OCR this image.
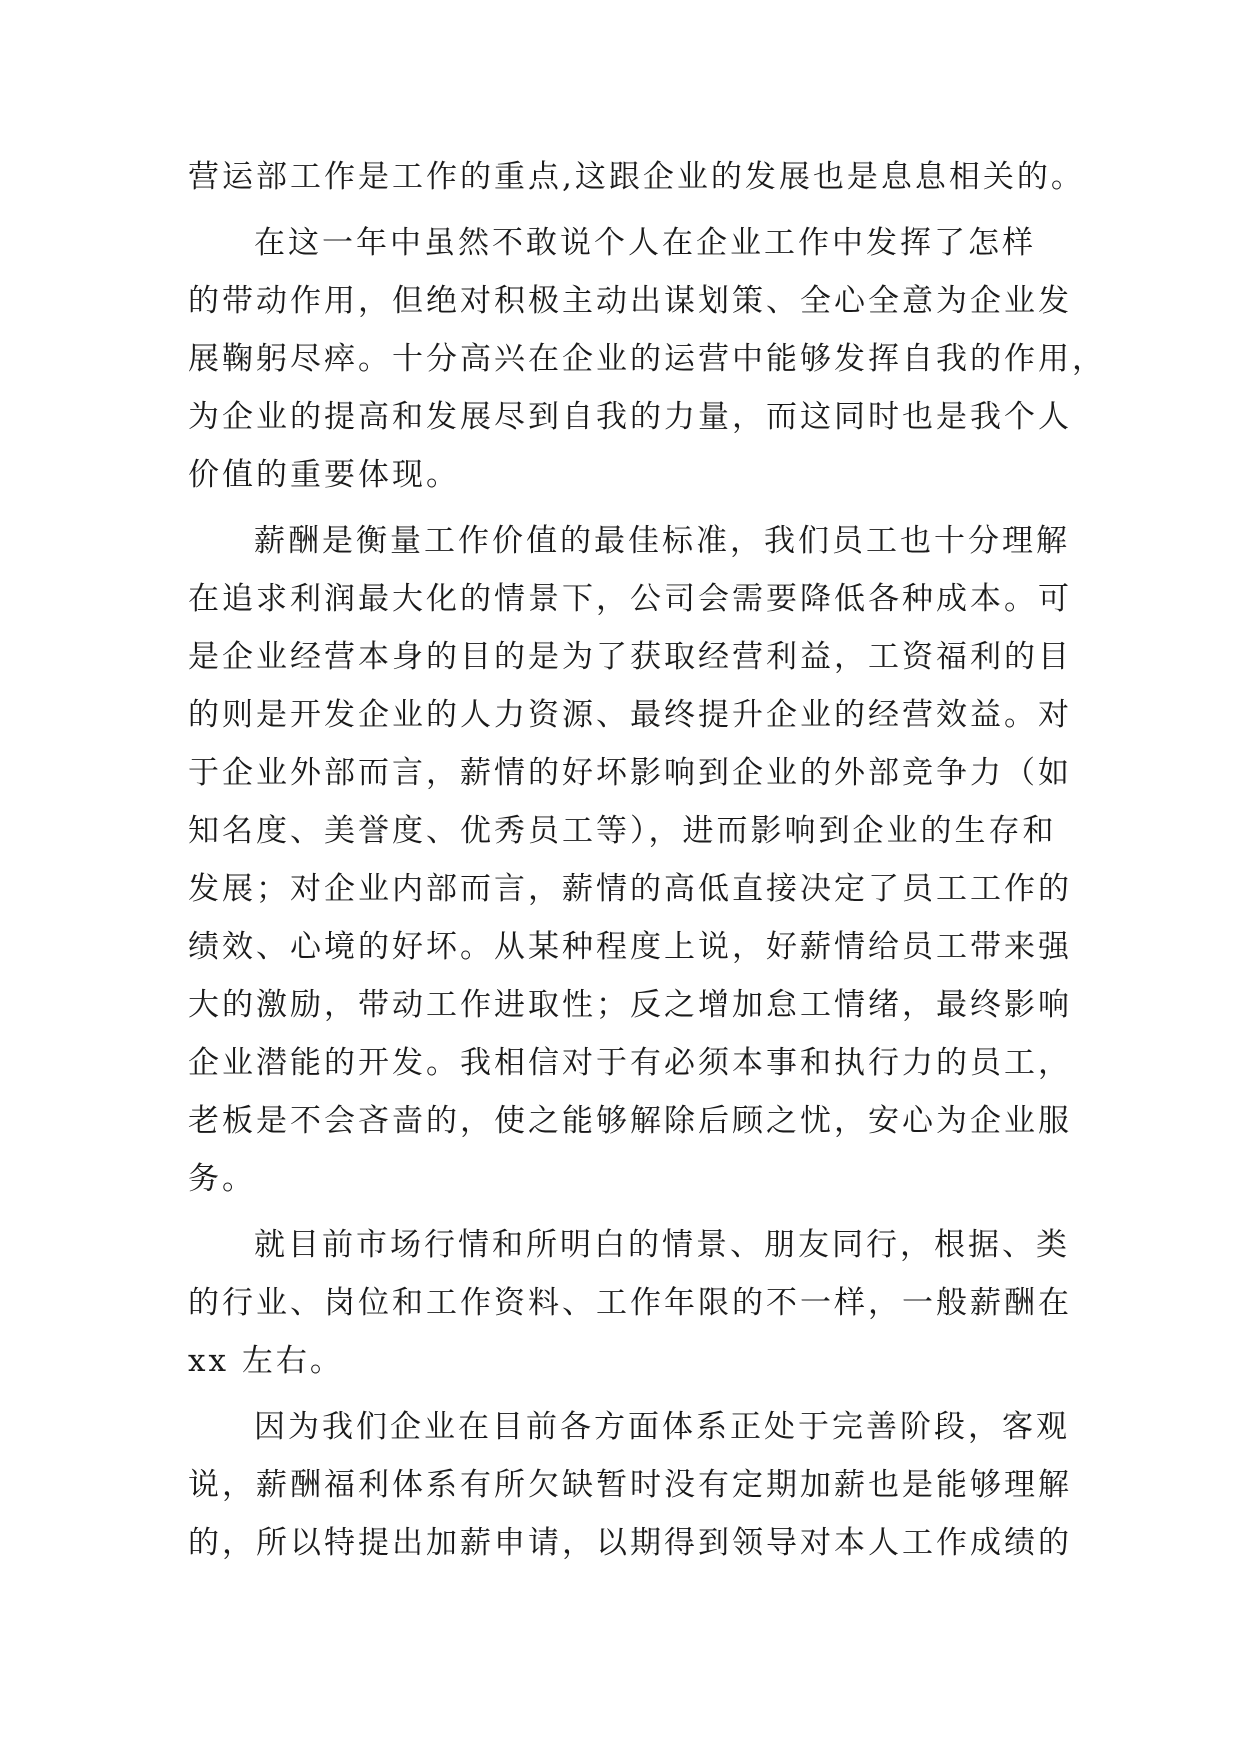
营运部工作是工作的重点,这跟企业的发展也是息息相关的。
在这一年中虽然不敢说个人在企业工作中发挥了怎样
的带动作用，但绝对积极主动出谋划策、全心全意为企业发
展鞠躬尽瘁。十分高兴在企业的运营中能够发挥自我的作用，
为企业的提高和发展尽到自我的力量，而这同时也是我个人
价值的重要体现。
薪酬是衡量工作价值的最佳标准，我们员工也十分理解
在追求利润最大化的情景下，公司会需要降低各种成本。可
是企业经营本身的目的是为了获取经营利益，工资福利的目
的则是开发企业的人力资源、最终提升企业的经营效益。对
于企业外部而言，薪情的好坏影响到企业的外部竞争力（如
知名度、美誉度、优秀员工等），进而影响到企业的生存和
发展；对企业内部而言，薪情的高低直接决定了员工工作的
绩效、心境的好坏。从某种程度上说，好薪情给员工带来强
大的激励，带动工作进取性；反之增加怠工情绪，最终影响
企业潜能的开发。我相信对于有必须本事和执行力的员工，
老板是不会吝啬的，使之能够解除后顾之忧，安心为企业服
务。
就目前市场行情和所明白的情景、朋友同行，根据、类
的行业、岗位和工作资料、工作年限的不一样，一般薪酬在
xx 左右。
因为我们企业在目前各方面体系正处于完善阶段，客观
说，薪酬福利体系有所欠缺暂时没有定期加薪也是能够理解
的，所以特提出加薪申请，以期得到领导对本人工作成绩的
